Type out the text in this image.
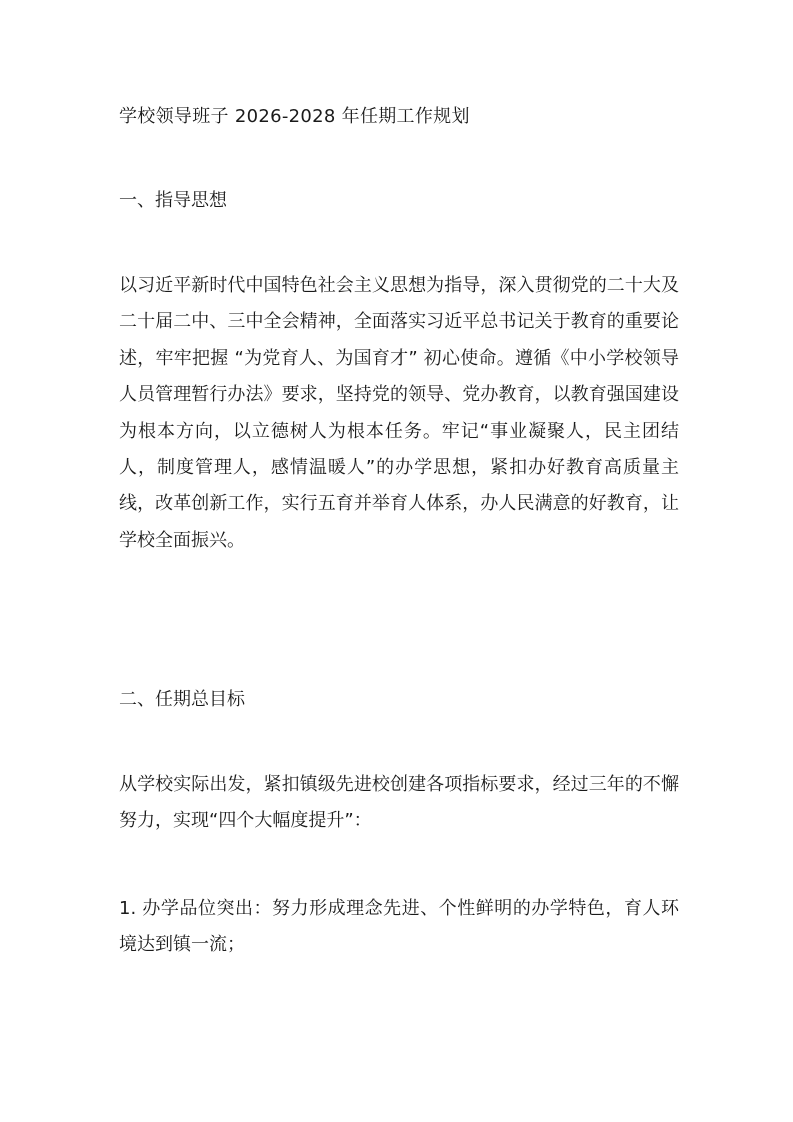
学校领导班子 2026-2028 年任期工作规划
一、指导思想

以习近平新时代中国特色社会主义思想为指导，深入贯彻党的二十大及二十届二中、三中全会精神，全面落实习近平总书记关于教育的重要论述，牢牢把握 “为党育人、为国育才” 初心使命。遵循《中小学校领导人员管理暂行办法》要求，坚持党的领导、党办教育，以教育强国建设为根本方向，以立德树人为根本任务。牢记“事业凝聚人，民主团结人，制度管理人，感情温暖人”的办学思想，紧扣办好教育高质量主线，改革创新工作，实行五育并举育人体系，办人民满意的好教育，让学校全面振兴。

二、任期总目标

从学校实际出发，紧扣镇级先进校创建各项指标要求，经过三年的不懈努力，实现“四个大幅度提升”：

1. 办学品位突出：努力形成理念先进、个性鲜明的办学特色，育人环境达到镇一流；
